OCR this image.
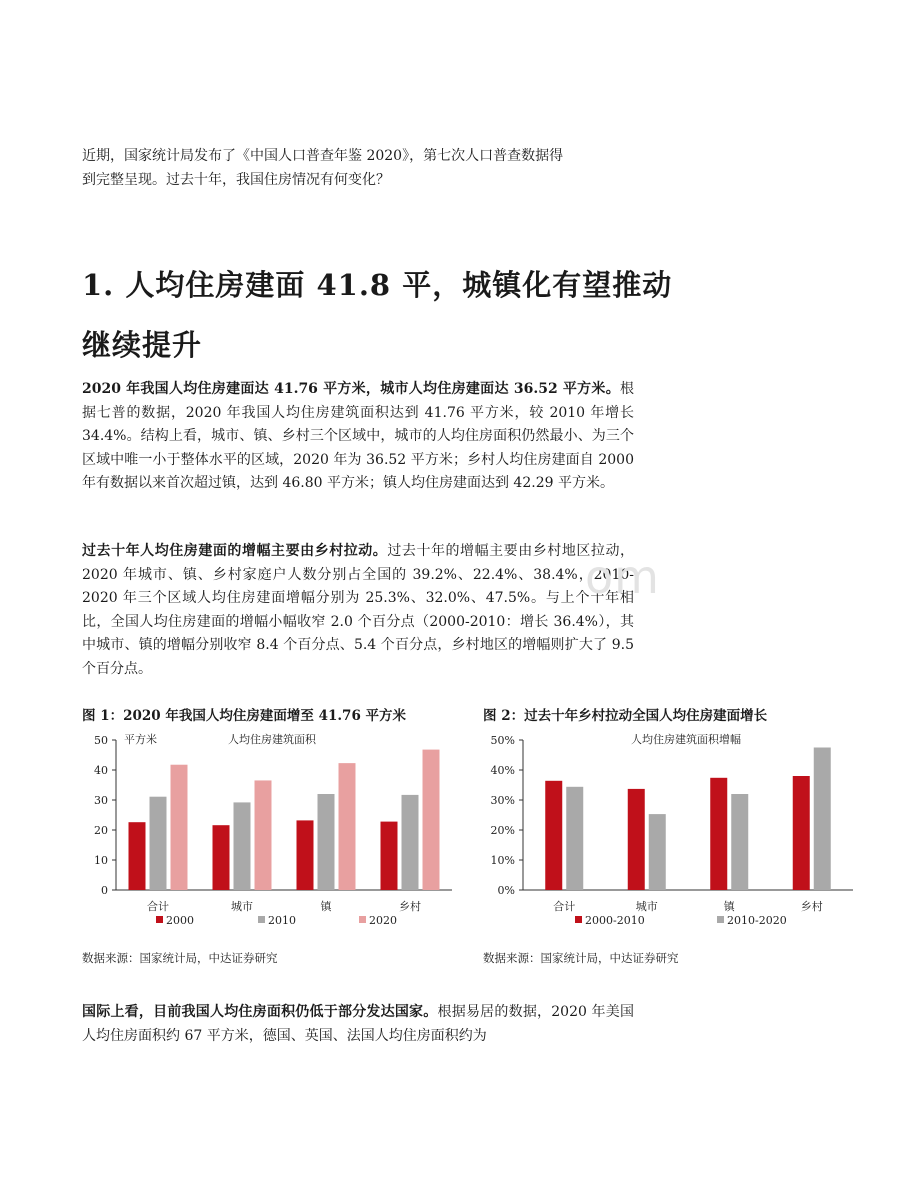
近期，国家统计局发布了《中国人口普查年鉴 2020》，第七次人口普查数据得
到完整呈现。过去十年，我国住房情况有何变化？

1. 人均住房建面 41.8 平，城镇化有望推动

继续提升

2020 年我国人均住房建面达 41.76 平方米，城市人均住房建面达 36.52 平方米。根据七普的数据，2020 年我国人均住房建筑面积达到 41.76 平方米，较 2010 年增长 34.4%。结构上看，城市、镇、乡村三个区域中，城市的人均住房面积仍然最小、为三个区域中唯一小于整体水平的区域，2020 年为 36.52 平方米；乡村人均住房建面自 2000 年有数据以来首次超过镇，达到 46.80 平方米；镇人均住房建面达到 42.29 平方米。

过去十年人均住房建面的增幅主要由乡村拉动。过去十年的增幅主要由乡村地区拉动，2020 年城市、镇、乡村家庭户人数分别占全国的 39.2%、22.4%、38.4%，2010-2020 年三个区域人均住房建面增幅分别为 25.3%、32.0%、47.5%。与上个十年相比，全国人均住房建面的增幅小幅收窄 2.0 个百分点（2000-2010：增长 36.4%），其中城市、镇的增幅分别收窄 8.4 个百分点、5.4 个百分点，乡村地区的增幅则扩大了 9.5 个百分点。

om

图 1：2020 年我国人均住房建面增至 41.76 平方米

0
10
20
30
40
50 平方米	人均住房建筑面积
合计	城市	镇	乡村
2000	2010	2020

数据来源：国家统计局，中达证券研究

图 2：过去十年乡村拉动全国人均住房建面增长

0%
10%
20%
30%
40%
50%	人均住房建筑面积增幅
合计	城市	镇	乡村
2000-2010	2010-2020

数据来源：国家统计局，中达证券研究

国际上看，目前我国人均住房面积仍低于部分发达国家。根据易居的数据，2020 年美国人均住房面积约 67 平方米，德国、英国、法国人均住房面积约为
